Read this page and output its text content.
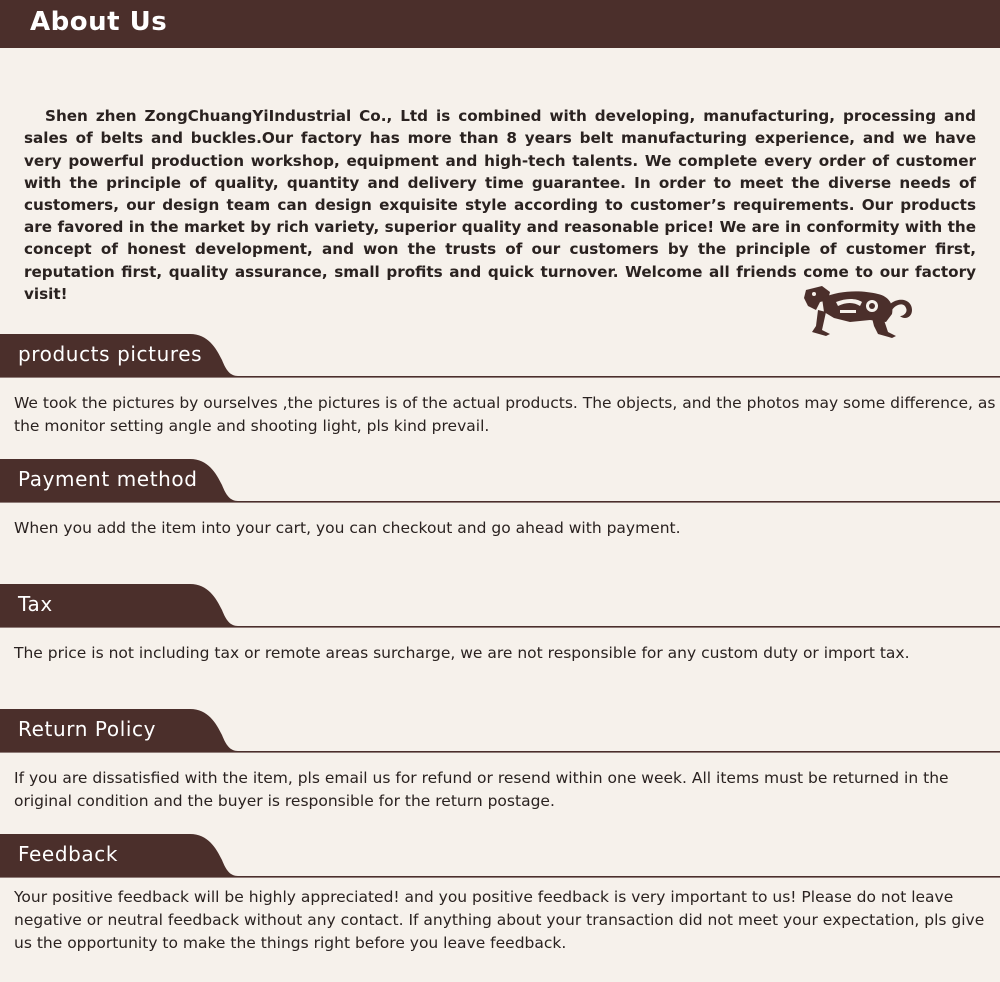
About Us

Shen zhen ZongChuangYiIndustrial Co., Ltd is combined with developing, manufacturing, processing and sales of belts and buckles.Our factory has more than 8 years belt manufacturing experience, and we have very powerful production workshop, equipment and high-tech talents. We complete every order of customer with the principle of quality, quantity and delivery time guarantee. In order to meet the diverse needs of customers, our design team can design exquisite style according to customer’s requirements. Our products are favored in the market by rich variety, superior quality and reasonable price! We are in conformity with the concept of honest development, and won the trusts of our customers by the principle of customer first, reputation first, quality assurance, small profits and quick turnover. Welcome all friends come to our factory visit!

products pictures

We took the pictures by ourselves ,the pictures is of the actual products. The objects, and the photos may some difference, as the monitor setting angle and shooting light, pls kind prevail.

Payment method

When you add the item into your cart, you can checkout and go ahead with payment.

Tax

The price is not including tax or remote areas surcharge, we are not responsible for any custom duty or import tax.

Return Policy

If you are dissatisfied with the item, pls email us for refund or resend within one week. All items must be returned in the original condition and the buyer is responsible for the return postage.

Feedback

Your positive feedback will be highly appreciated! and you positive feedback is very important to us! Please do not leave negative or neutral feedback without any contact. If anything about your transaction did not meet your expectation, pls give us the opportunity to make the things right before you leave feedback.
